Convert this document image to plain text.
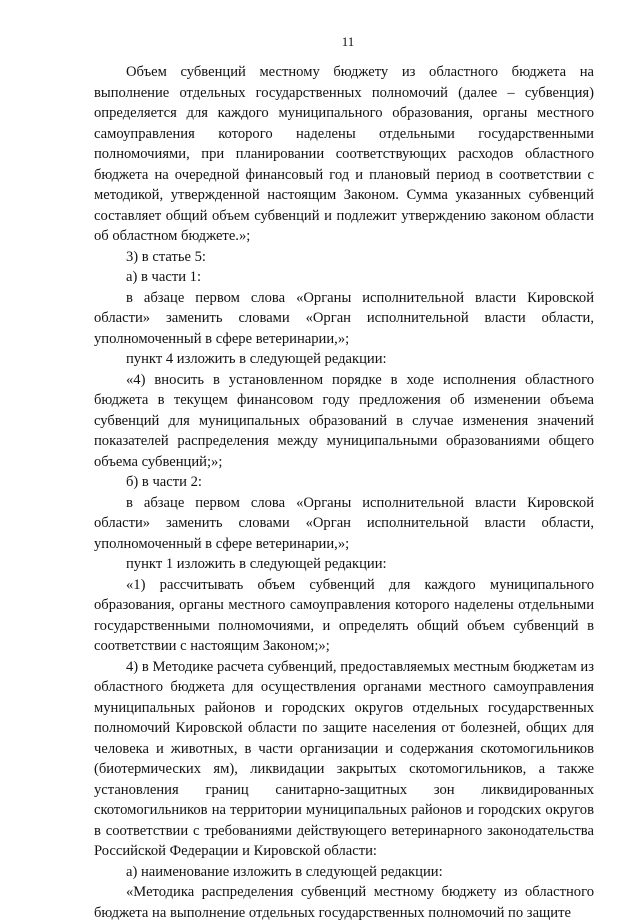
11

Объем субвенций местному бюджету из областного бюджета на выполнение отдельных государственных полномочий (далее – субвенция) определяется для каждого муниципального образования, органы местного самоуправления которого наделены отдельными государственными полномочиями, при планировании соответствующих расходов областного бюджета на очередной финансовый год и плановый период в соответствии с методикой, утвержденной настоящим Законом. Сумма указанных субвенций составляет общий объем субвенций и подлежит утверждению законом области об областном бюджете.»;

3) в статье 5:

а) в части 1:

в абзаце первом слова «Органы исполнительной власти Кировской области» заменить словами «Орган исполнительной власти области, уполномоченный в сфере ветеринарии,»;

пункт 4 изложить в следующей редакции:

«4) вносить в установленном порядке в ходе исполнения областного бюджета в текущем финансовом году предложения об изменении объема субвенций для муниципальных образований в случае изменения значений показателей распределения между муниципальными образованиями общего объема субвенций;»;

б) в части 2:

в абзаце первом слова «Органы исполнительной власти Кировской области» заменить словами «Орган исполнительной власти области, уполномоченный в сфере ветеринарии,»;

пункт 1 изложить в следующей редакции:

«1) рассчитывать объем субвенций для каждого муниципального образования, органы местного самоуправления которого наделены отдельными государственными полномочиями, и определять общий объем субвенций в соответствии с настоящим Законом;»;

4) в Методике расчета субвенций, предоставляемых местным бюджетам из областного бюджета для осуществления органами местного самоуправления муниципальных районов и городских округов отдельных государственных полномочий Кировской области по защите населения от болезней, общих для человека и животных, в части организации и содержания скотомогильников (биотермических ям), ликвидации закрытых скотомогильников, а также установления границ санитарно-защитных зон ликвидированных скотомогильников на территории муниципальных районов и городских округов в соответствии с требованиями действующего ветеринарного законодательства Российской Федерации и Кировской области:

а) наименование изложить в следующей редакции:

«Методика распределения субвенций местному бюджету из областного бюджета на выполнение отдельных государственных полномочий по защите
